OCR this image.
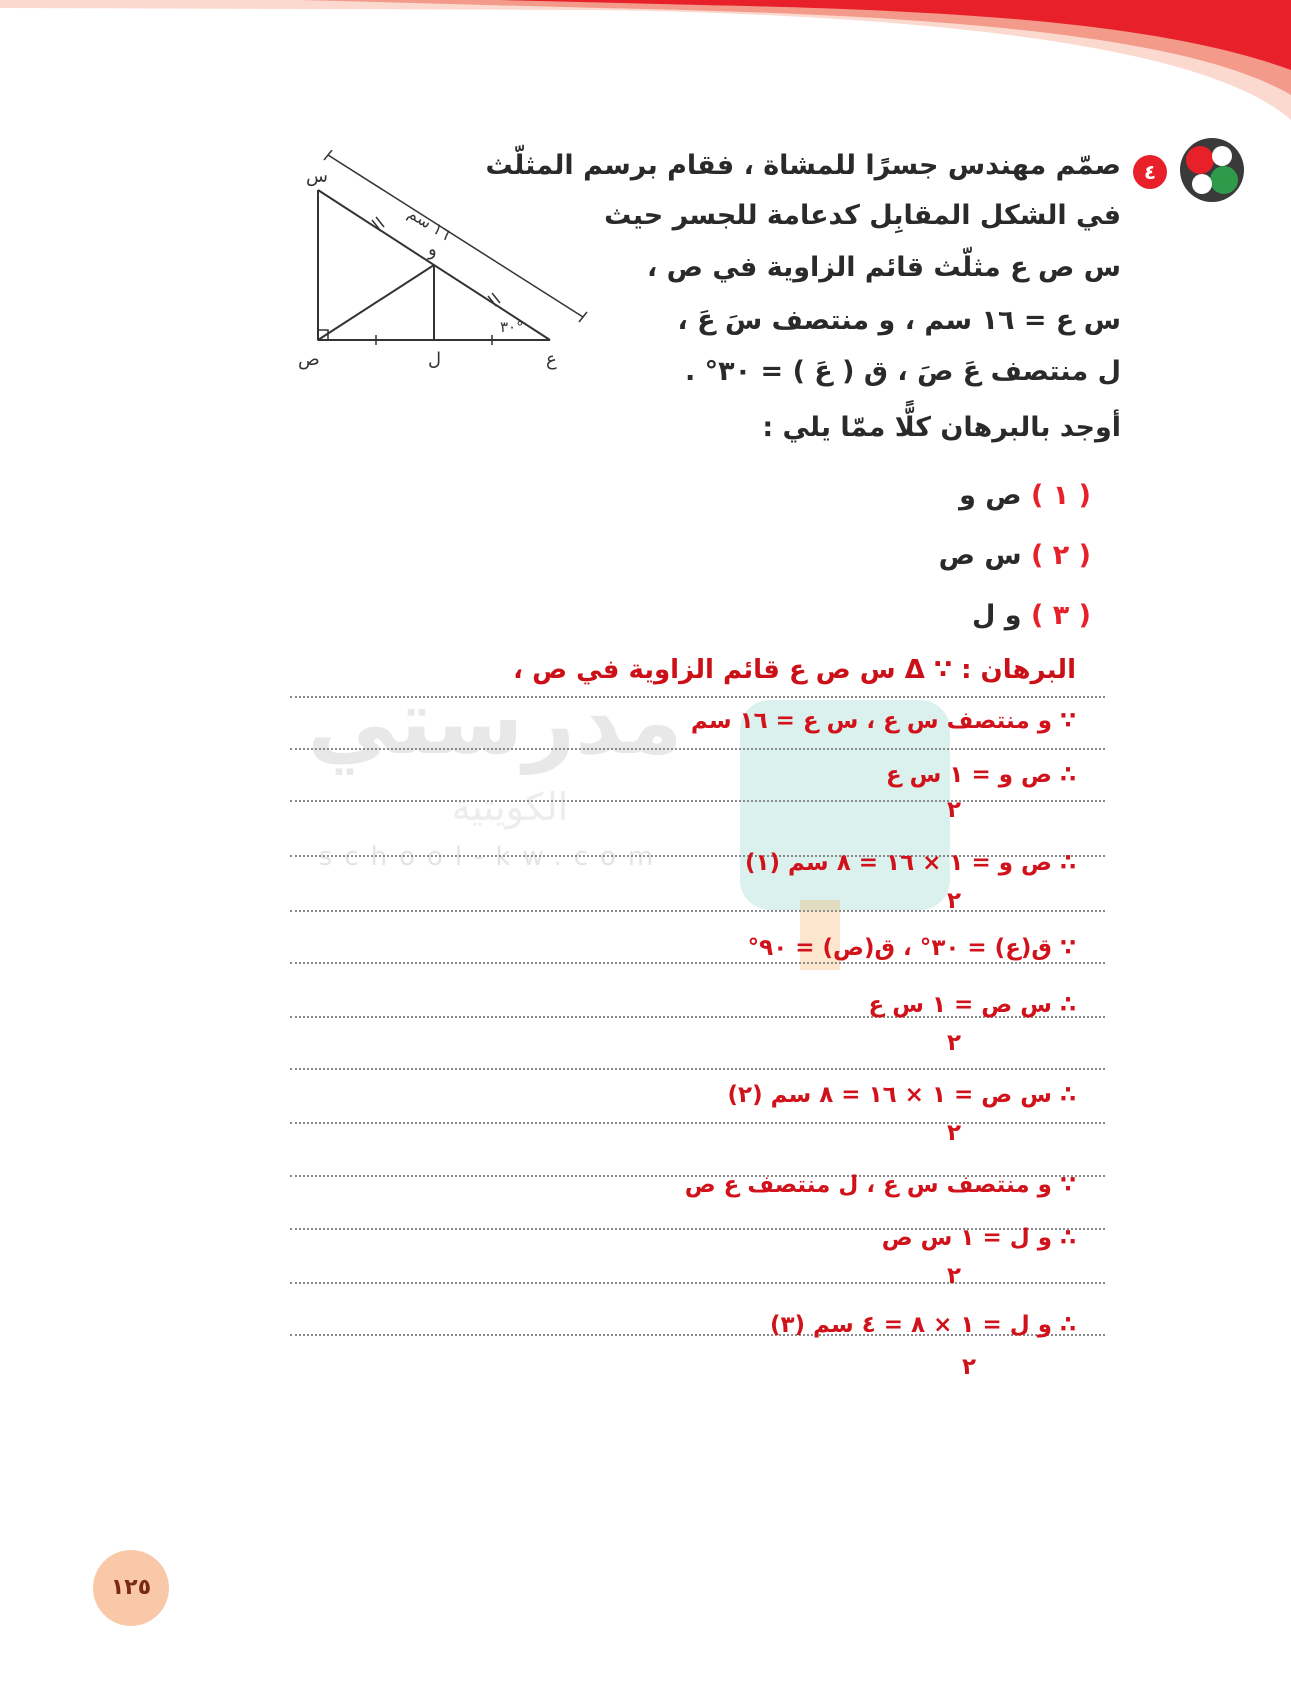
٤
صمّم مهندس جسرًا للمشاة ، فقام برسم المثلّث
في الشكل المقابِل كدعامة للجسر حيث
س ص ع مثلّث قائم الزاوية في ص ،
س ع = ١٦ سم ، و منتصف سَ عَ ،
ل منتصف عَ صَ ، ق ( عَ ) = ٣٠° .
أوجد بالبرهان كلًّا ممّا يلي :
( ١ ) ص و
( ٢ ) س ص
( ٣ ) و ل
س
ص	ع
و
ل
١٦ سم
٣٠°
مدرستي
الكويتية
school-kw.com
البرهان : ∵ Δ س ص ع قائم الزاوية في ص ،
∵ و منتصف س ع ، س ع = ١٦ سم
∴ ص و = ١ س ع
٢
∴ ص و = ١ × ١٦ = ٨ سم (١)
٢
∵ ق(ع) = ٣٠° ، ق(ص) = ٩٠°
∴ س ص = ١ س ع
٢
∴ س ص = ١ × ١٦ = ٨ سم (٢)
٢
∵ و منتصف س ع ، ل منتصف ع ص
∴ و ل = ١ س ص
٢
∴ و ل = ١ × ٨ = ٤ سم (٣)
٢
١٢٥
